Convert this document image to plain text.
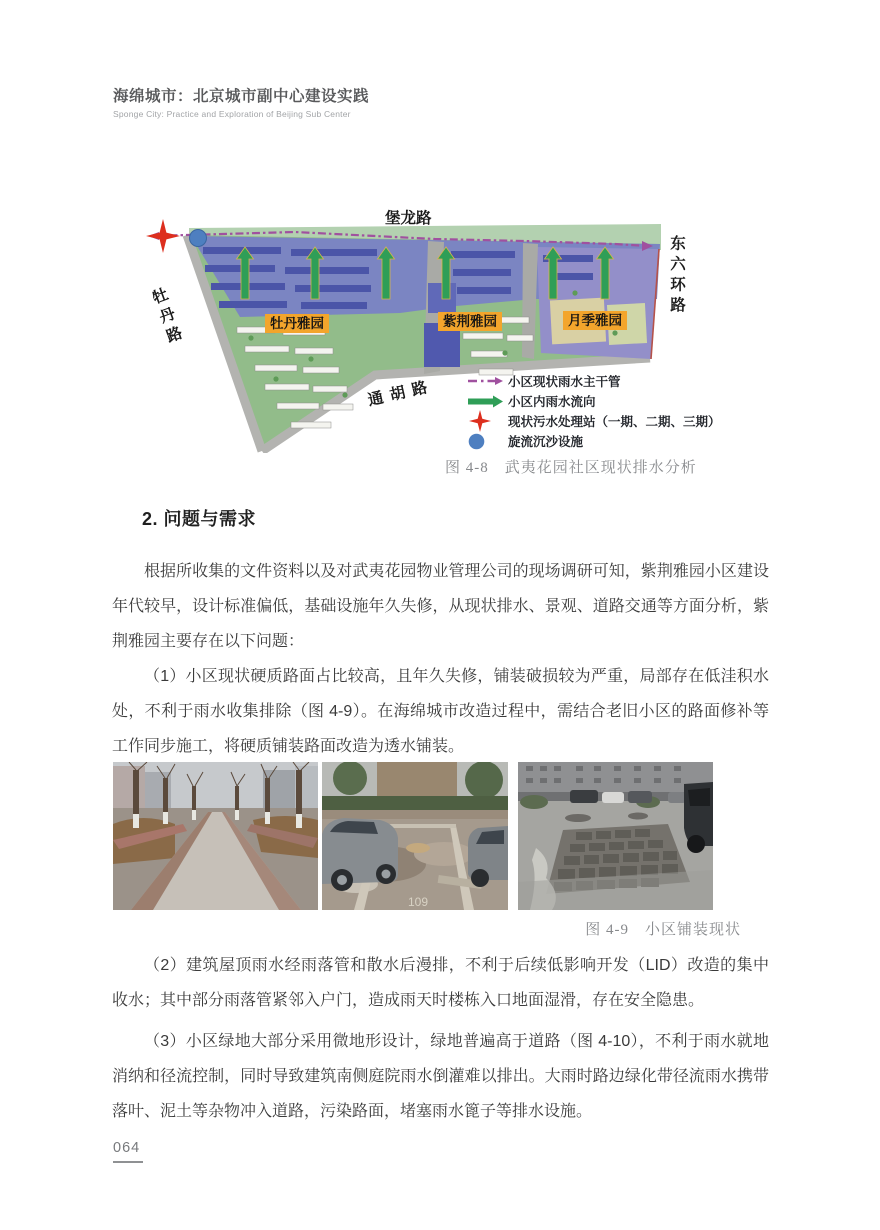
海绵城市：北京城市副中心建设实践
Sponge City: Practice and Exploration of Beijing Sub Center
堡龙路
牡丹路
东六环路
通胡路
牡丹雅园	紫荆雅园	月季雅园
小区现状雨水主干管
小区内雨水流向
现状污水处理站（一期、二期、三期）
旋流沉沙设施
图 4-8　武夷花园社区现状排水分析
2. 问题与需求

根据所收集的文件资料以及对武夷花园物业管理公司的现场调研可知，紫荆雅园小区建设年代较早，设计标准偏低，基础设施年久失修，从现状排水、景观、道路交通等方面分析，紫荆雅园主要存在以下问题：

（1）小区现状硬质路面占比较高，且年久失修，铺装破损较为严重，局部存在低洼积水处，不利于雨水收集排除（图 4-9）。在海绵城市改造过程中，需结合老旧小区的路面修补等工作同步施工，将硬质铺装路面改造为透水铺装。

109
图 4-9　小区铺装现状

（2）建筑屋顶雨水经雨落管和散水后漫排，不利于后续低影响开发（LID）改造的集中收水；其中部分雨落管紧邻入户门，造成雨天时楼栋入口地面湿滑，存在安全隐患。

（3）小区绿地大部分采用微地形设计，绿地普遍高于道路（图 4-10），不利于雨水就地消纳和径流控制，同时导致建筑南侧庭院雨水倒灌难以排出。大雨时路边绿化带径流雨水携带落叶、泥土等杂物冲入道路，污染路面，堵塞雨水篦子等排水设施。

064
